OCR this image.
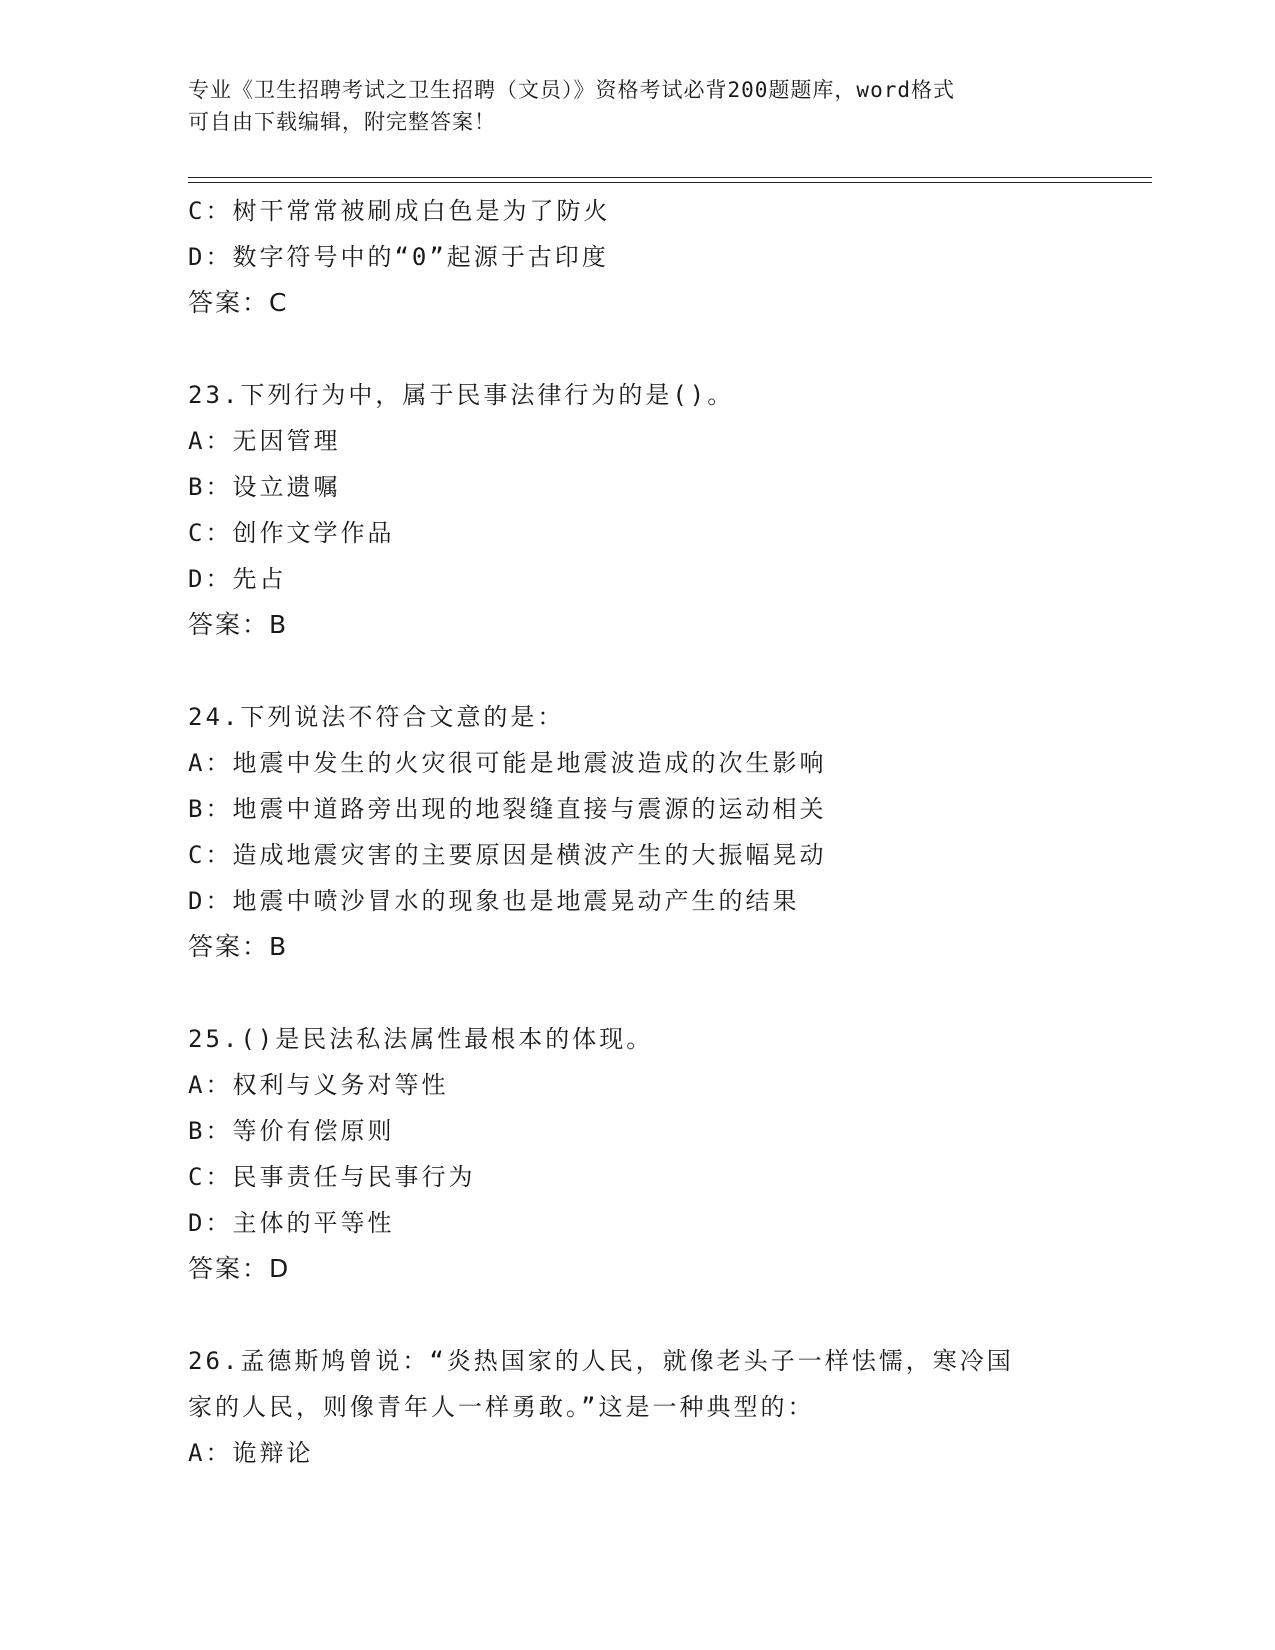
专业《卫生招聘考试之卫生招聘（文员）》资格考试必背200题题库，word格式
可自由下载编辑，附完整答案！
C：树干常常被刷成白色是为了防火
D：数字符号中的“0”起源于古印度
答案：C
23.下列行为中，属于民事法律行为的是()。
A：无因管理
B：设立遗嘱
C：创作文学作品
D：先占
答案：B
24.下列说法不符合文意的是：
A：地震中发生的火灾很可能是地震波造成的次生影响
B：地震中道路旁出现的地裂缝直接与震源的运动相关
C：造成地震灾害的主要原因是横波产生的大振幅晃动
D：地震中喷沙冒水的现象也是地震晃动产生的结果
答案：B
25.()是民法私法属性最根本的体现。
A：权利与义务对等性
B：等价有偿原则
C：民事责任与民事行为
D：主体的平等性
答案：D
26.孟德斯鸠曾说：“炎热国家的人民，就像老头子一样怯懦，寒冷国
家的人民，则像青年人一样勇敢。”这是一种典型的：
A：诡辩论
